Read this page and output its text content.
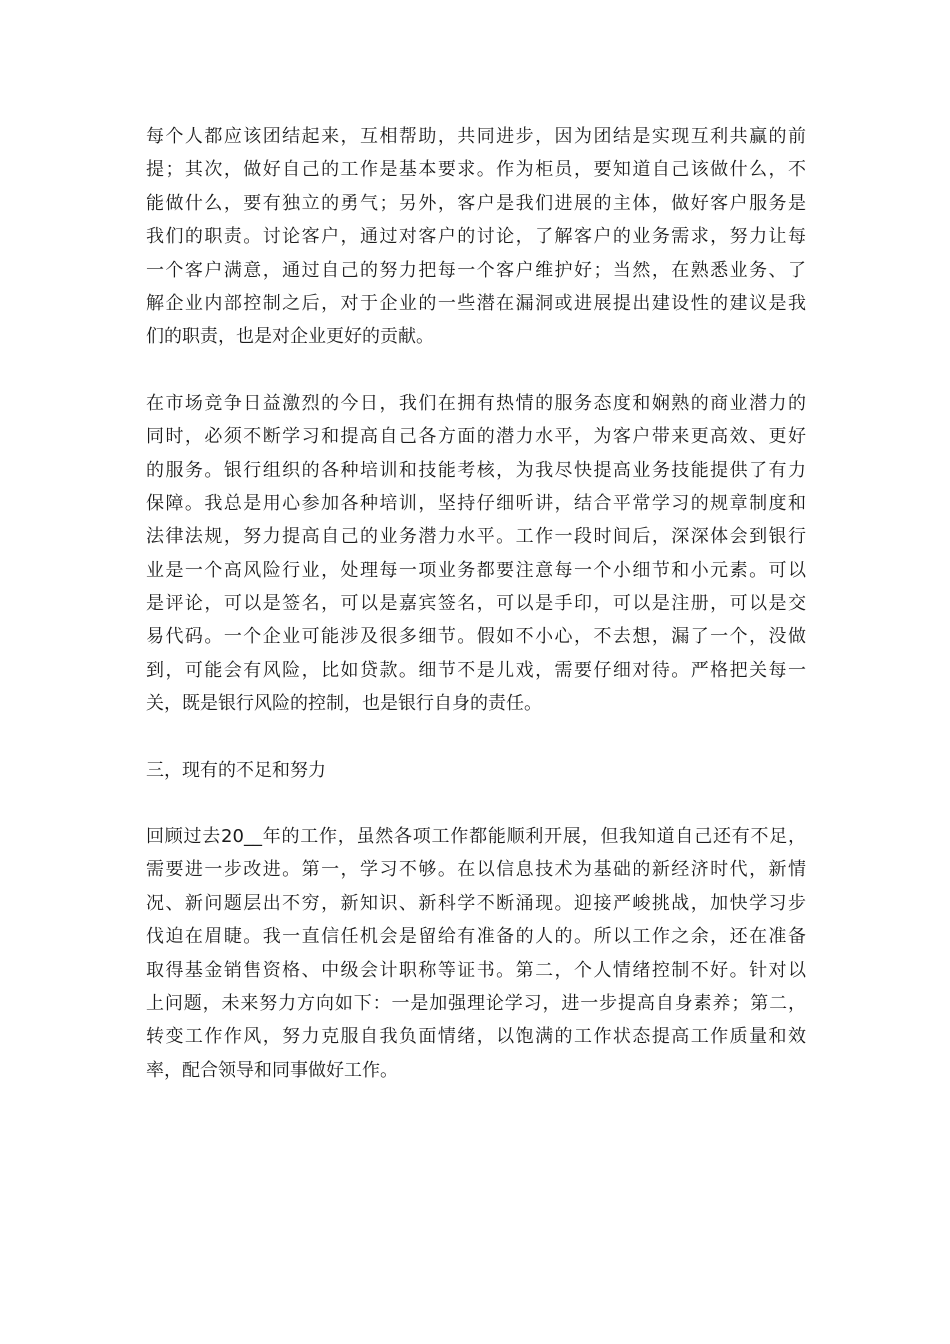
每个人都应该团结起来，互相帮助，共同进步，因为团结是实现互利共赢的前
提；其次，做好自己的工作是基本要求。作为柜员，要知道自己该做什么，不
能做什么，要有独立的勇气；另外，客户是我们进展的主体，做好客户服务是
我们的职责。讨论客户，通过对客户的讨论，了解客户的业务需求，努力让每
一个客户满意，通过自己的努力把每一个客户维护好；当然，在熟悉业务、了
解企业内部控制之后，对于企业的一些潜在漏洞或进展提出建设性的建议是我
们的职责，也是对企业更好的贡献。
在市场竞争日益激烈的今日，我们在拥有热情的服务态度和娴熟的商业潜力的
同时，必须不断学习和提高自己各方面的潜力水平，为客户带来更高效、更好
的服务。银行组织的各种培训和技能考核，为我尽快提高业务技能提供了有力
保障。我总是用心参加各种培训，坚持仔细听讲，结合平常学习的规章制度和
法律法规，努力提高自己的业务潜力水平。工作一段时间后，深深体会到银行
业是一个高风险行业，处理每一项业务都要注意每一个小细节和小元素。可以
是评论，可以是签名，可以是嘉宾签名，可以是手印，可以是注册，可以是交
易代码。一个企业可能涉及很多细节。假如不小心，不去想，漏了一个，没做
到，可能会有风险，比如贷款。细节不是儿戏，需要仔细对待。严格把关每一
关，既是银行风险的控制，也是银行自身的责任。
三，现有的不足和努力
回顾过去20__年的工作，虽然各项工作都能顺利开展，但我知道自己还有不足，
需要进一步改进。第一，学习不够。在以信息技术为基础的新经济时代，新情
况、新问题层出不穷，新知识、新科学不断涌现。迎接严峻挑战，加快学习步
伐迫在眉睫。我一直信任机会是留给有准备的人的。所以工作之余，还在准备
取得基金销售资格、中级会计职称等证书。第二，个人情绪控制不好。针对以
上问题，未来努力方向如下：一是加强理论学习，进一步提高自身素养；第二，
转变工作作风，努力克服自我负面情绪，以饱满的工作状态提高工作质量和效
率，配合领导和同事做好工作。
